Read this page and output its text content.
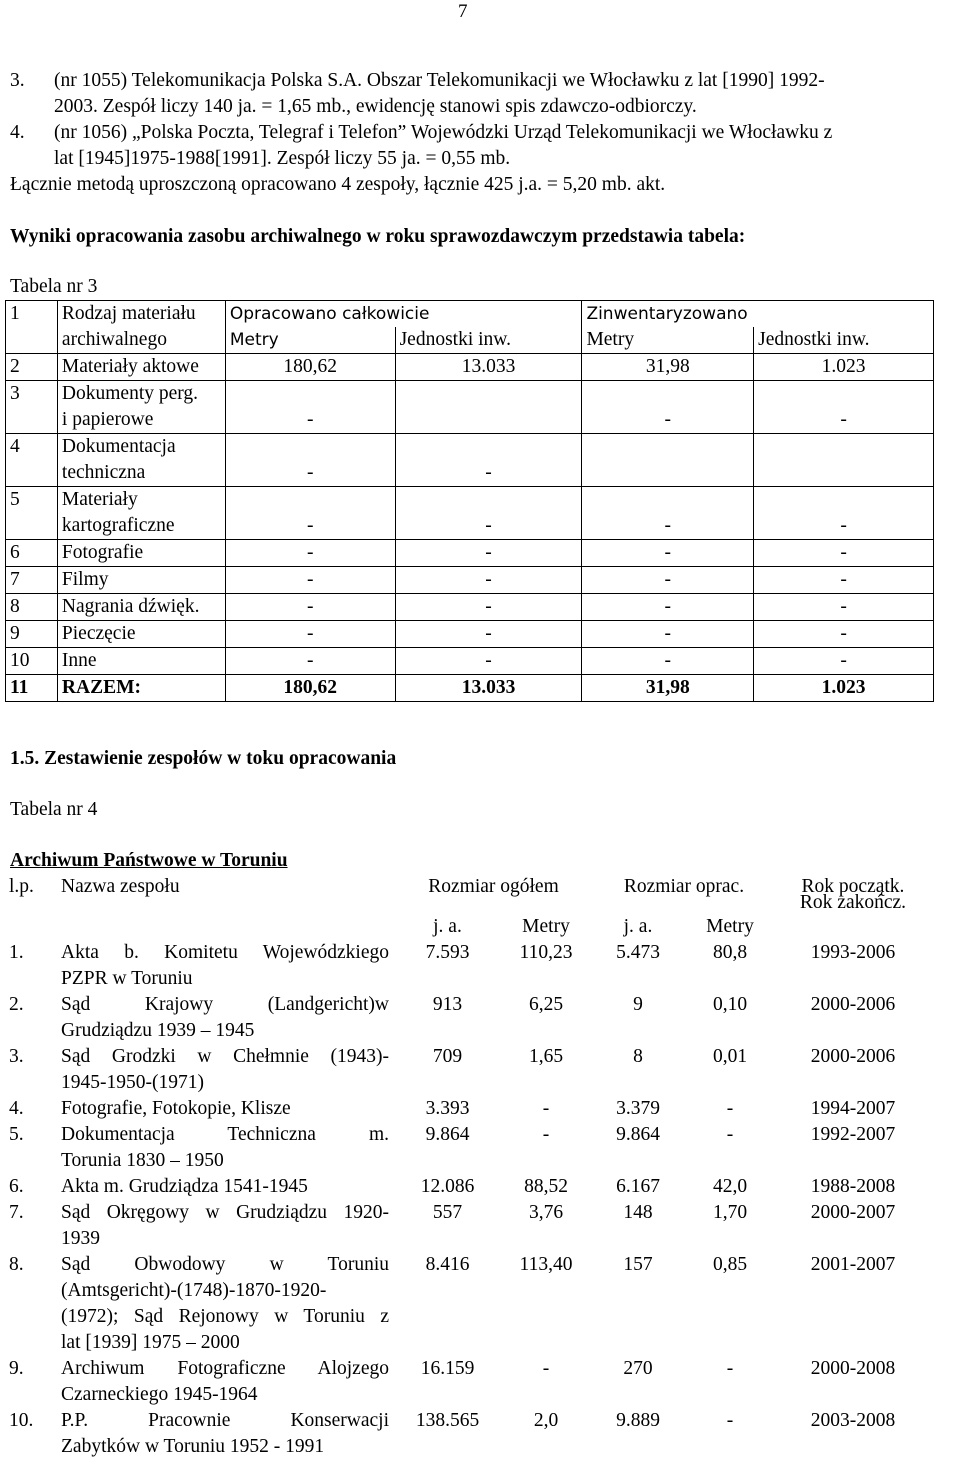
7
3. (nr 1055) Telekomunikacja Polska S.A. Obszar Telekomunikacji we Włocławku z lat [1990] 1992-
2003. Zespół liczy 140 ja. = 1,65 mb., ewidencję stanowi spis zdawczo-odbiorczy.
4. (nr 1056) „Polska Poczta, Telegraf i Telefon” Wojewódzki Urząd Telekomunikacji we Włocławku z
lat [1945]1975-1988[1991]. Zespół liczy 55 ja. = 0,55 mb.
Łącznie metodą uproszczoną opracowano 4 zespoły, łącznie 425 j.a. = 5,20 mb. akt.
Wyniki opracowania zasobu archiwalnego w roku sprawozdawczym przedstawia tabela:
Tabela nr 3
1	Rodzaj materiału
archiwalnego	Opracowano całkowicie		Zinwentaryzowano	
		Metry	Jednostki inw.	Metry	Jednostki inw.
2	Materiały aktowe	180,62	13.033	31,98	1.023

3	Dokumenty perg.
i papierowe	-		-	-

4	Dokumentacja
techniczna	-	-		

5	Materiały
kartograficzne	-	-	-	-

6	Fotografie	-	-	-	-

7	Filmy	-	-	-	-

8	Nagrania dźwięk.	-	-	-	-

9	Pieczęcie	-	-	-	-

10	Inne	-	-	-	-

11	RAZEM:	180,62	13.033	31,98	1.023
1.5. Zestawienie zespołów w toku opracowania
Tabela nr 4
Archiwum Państwowe w Toruniu
l.p.	Nazwa zespołu	Rozmiar ogółem		Rozmiar oprac.		Rok początk.
Rok zakończ.

		j. a.	Metry	j. a.	Metry	
1.	Akta b. Komitetu Wojewódzkiego
PZPR w Toruniu	7.593	110,23	5.473	80,8	1993-2006
2.	Sąd Krajowy (Landgericht)w
Grudziądzu 1939 – 1945	913	6,25	9	0,10	2000-2006
3.	Sąd Grodzki w Chełmnie (1943)-
1945-1950-(1971)	709	1,65	8	0,01	2000-2006
4.	Fotografie, Fotokopie, Klisze	3.393	-	3.379	-	1994-2007
5.	Dokumentacja Techniczna m.
Torunia 1830 – 1950	9.864	-	9.864	-	1992-2007
6.	Akta m. Grudziądza 1541-1945	12.086	88,52	6.167	42,0	1988-2008
7.	Sąd Okręgowy w Grudziądzu 1920-
1939	557	3,76	148	1,70	2000-2007
8.	Sąd Obwodowy w Toruniu
(Amtsgericht)-(1748)-1870-1920-
(1972); Sąd Rejonowy w Toruniu z
lat [1939] 1975 – 2000	8.416	113,40	157	0,85	2001-2007
9.	Archiwum Fotograficzne Alojzego
Czarneckiego 1945-1964	16.159	-	270	-	2000-2008
10.	P.P. Pracownie Konserwacji
Zabytków w Toruniu 1952 - 1991	138.565	2,0	9.889	-	2003-2008
